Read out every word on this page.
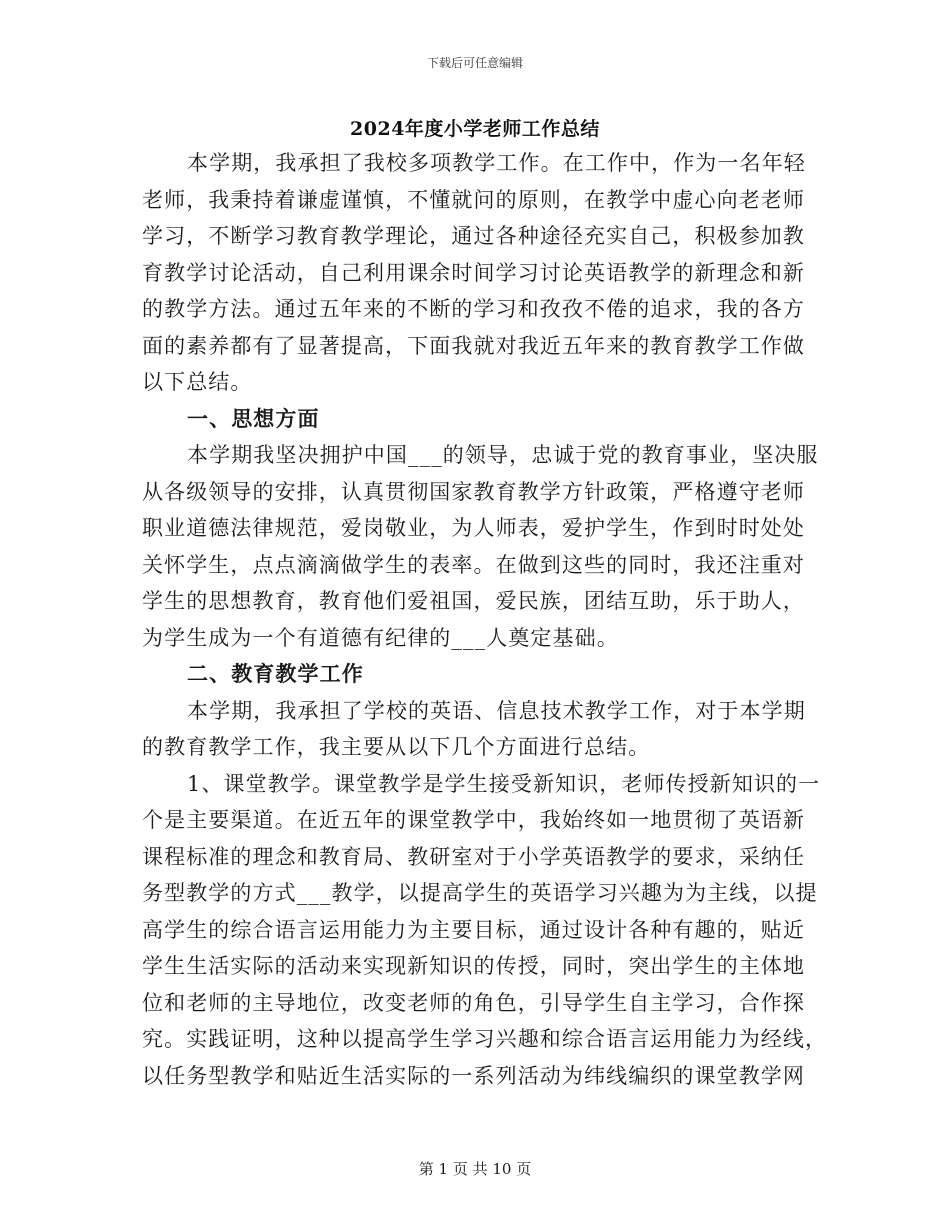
下载后可任意编辑
2024年度小学老师工作总结
本学期，我承担了我校多项教学工作。在工作中，作为一名年轻
老师，我秉持着谦虚谨慎，不懂就问的原则，在教学中虚心向老老师
学习，不断学习教育教学理论，通过各种途径充实自己，积极参加教
育教学讨论活动，自己利用课余时间学习讨论英语教学的新理念和新
的教学方法。通过五年来的不断的学习和孜孜不倦的追求，我的各方
面的素养都有了显著提高，下面我就对我近五年来的教育教学工作做
以下总结。
一、思想方面
本学期我坚决拥护中国___的领导，忠诚于党的教育事业，坚决服
从各级领导的安排，认真贯彻国家教育教学方针政策，严格遵守老师
职业道德法律规范，爱岗敬业，为人师表，爱护学生，作到时时处处
关怀学生，点点滴滴做学生的表率。在做到这些的同时，我还注重对
学生的思想教育，教育他们爱祖国，爱民族，团结互助，乐于助人，
为学生成为一个有道德有纪律的___人奠定基础。
二、教育教学工作
本学期，我承担了学校的英语、信息技术教学工作，对于本学期
的教育教学工作，我主要从以下几个方面进行总结。
1、课堂教学。课堂教学是学生接受新知识，老师传授新知识的一
个是主要渠道。在近五年的课堂教学中，我始终如一地贯彻了英语新
课程标准的理念和教育局、教研室对于小学英语教学的要求，采纳任
务型教学的方式___教学，以提高学生的英语学习兴趣为为主线，以提
高学生的综合语言运用能力为主要目标，通过设计各种有趣的，贴近
学生生活实际的活动来实现新知识的传授，同时，突出学生的主体地
位和老师的主导地位，改变老师的角色，引导学生自主学习，合作探
究。实践证明，这种以提高学生学习兴趣和综合语言运用能力为经线，
以任务型教学和贴近生活实际的一系列活动为纬线编织的课堂教学网
第 1 页 共 10 页
